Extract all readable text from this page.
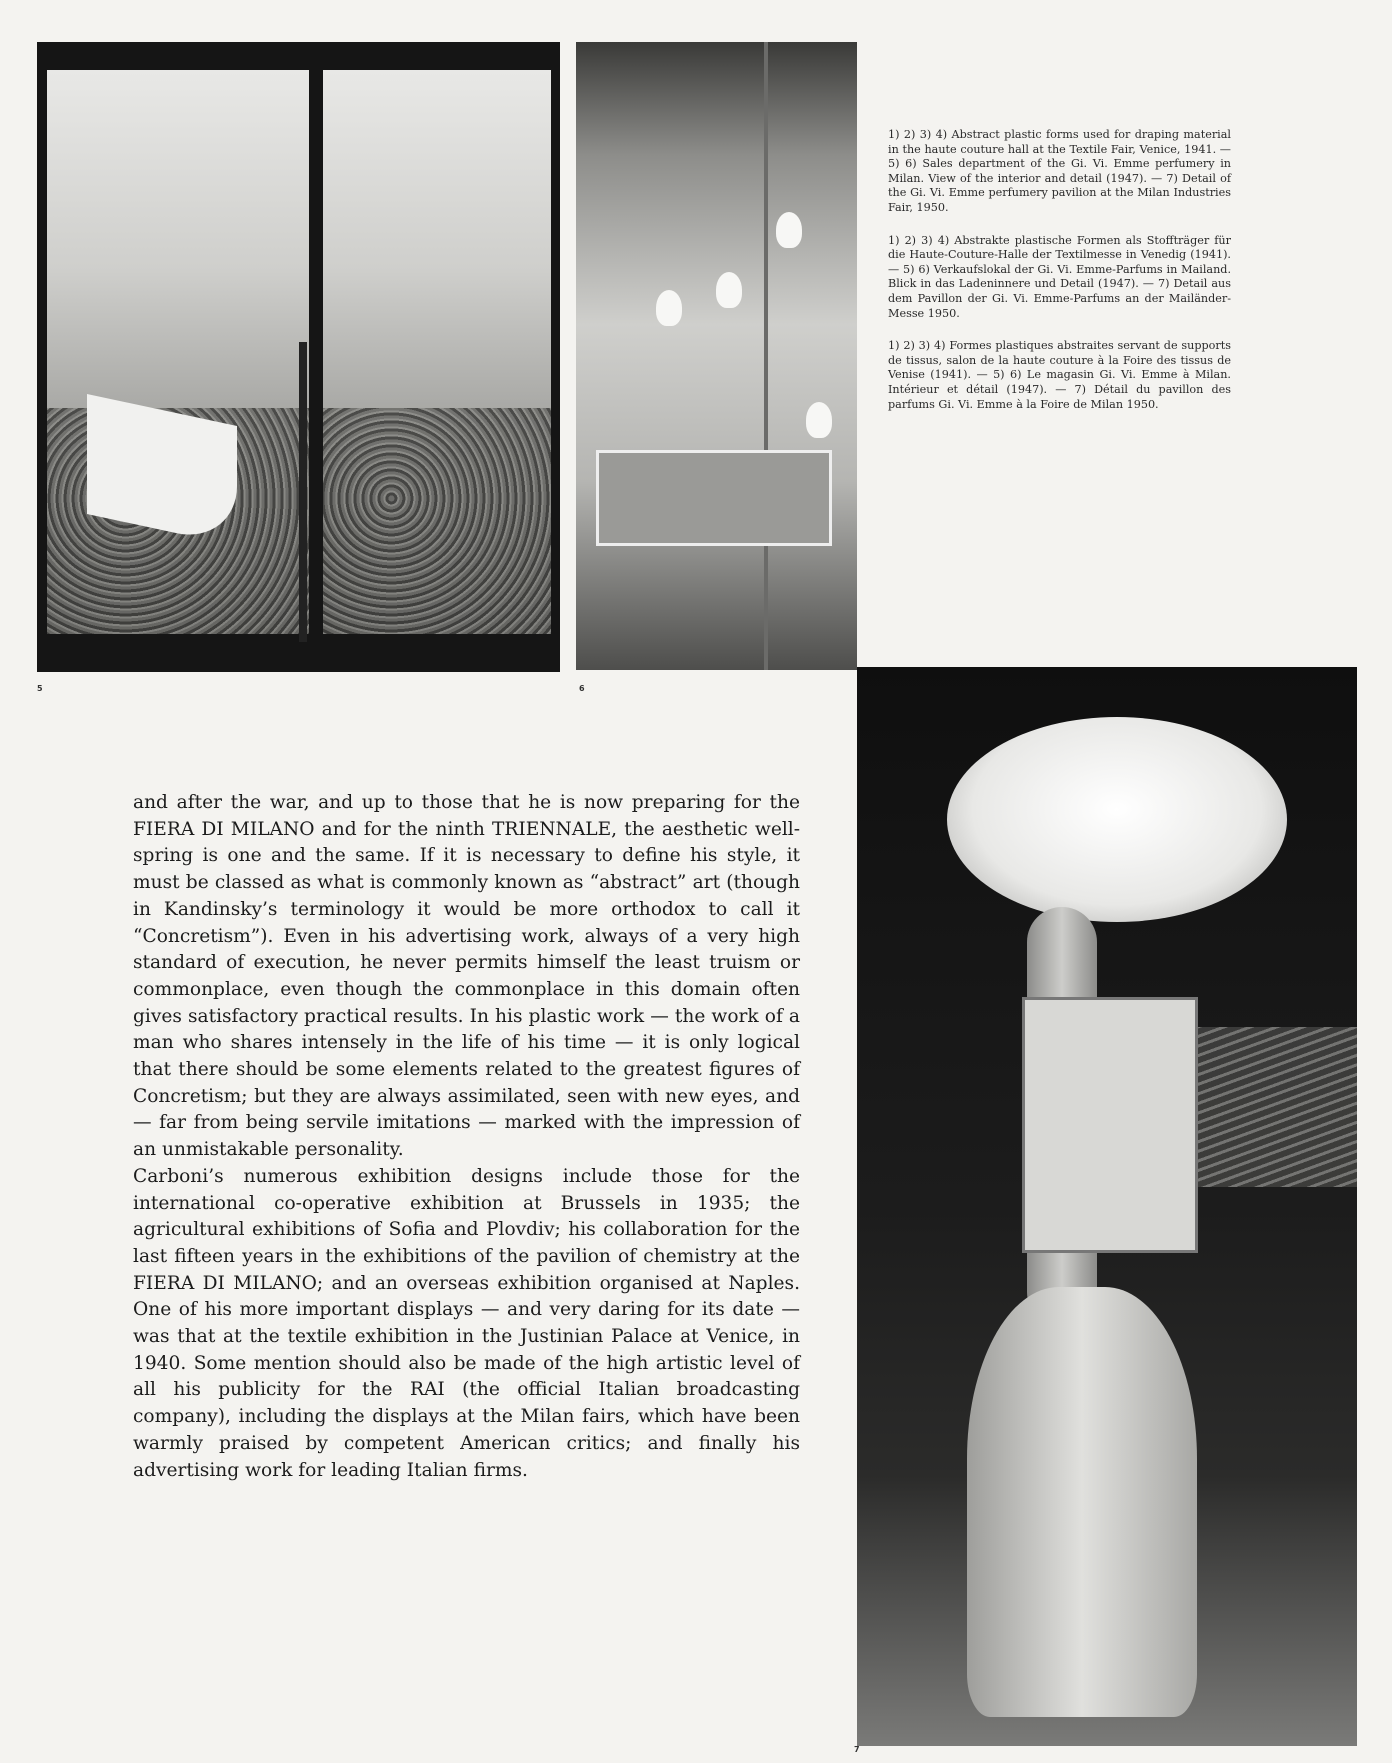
5	6

1) 2) 3) 4) Abstract plastic forms used for draping material in the haute couture hall at the Textile Fair, Venice, 1941. — 5) 6) Sales department of the Gi. Vi. Emme perfumery in Milan. View of the interior and detail (1947). — 7) Detail of the Gi. Vi. Emme perfumery pavilion at the Milan Industries Fair, 1950.

1) 2) 3) 4) Abstrakte plastische Formen als Stoffträger für die Haute-Couture-Halle der Textilmesse in Venedig (1941). — 5) 6) Verkaufslokal der Gi. Vi. Emme-Parfums in Mailand. Blick in das Ladeninnere und Detail (1947). — 7) Detail aus dem Pavillon der Gi. Vi. Emme-Parfums an der Mailänder-Messe 1950.

1) 2) 3) 4) Formes plastiques abstraites servant de supports de tissus, salon de la haute couture à la Foire des tissus de Venise (1941). — 5) 6) Le magasin Gi. Vi. Emme à Milan. Intérieur et détail (1947). — 7) Détail du pavillon des parfums Gi. Vi. Emme à la Foire de Milan 1950.

7

and after the war, and up to those that he is now preparing for the FIERA DI MILANO and for the ninth TRIENNALE, the aesthetic well-spring is one and the same. If it is necessary to define his style, it must be classed as what is commonly known as “abstract” art (though in Kandinsky’s terminology it would be more orthodox to call it “Concretism”). Even in his advertising work, always of a very high standard of execution, he never permits himself the least truism or commonplace, even though the commonplace in this domain often gives satisfactory practical results. In his plastic work — the work of a man who shares intensely in the life of his time — it is only logical that there should be some elements related to the greatest figures of Concretism; but they are always assimilated, seen with new eyes, and — far from being servile imitations — marked with the impression of an unmistakable personality.

Carboni’s numerous exhibition designs include those for the international co-operative exhibition at Brussels in 1935; the agricultural exhibitions of Sofia and Plovdiv; his collaboration for the last fifteen years in the exhibitions of the pavilion of chemistry at the FIERA DI MILANO; and an overseas exhibition organised at Naples. One of his more important displays — and very daring for its date — was that at the textile exhibition in the Justinian Palace at Venice, in 1940. Some mention should also be made of the high artistic level of all his publicity for the RAI (the official Italian broadcasting company), including the displays at the Milan fairs, which have been warmly praised by competent American critics; and finally his advertising work for leading Italian firms.
